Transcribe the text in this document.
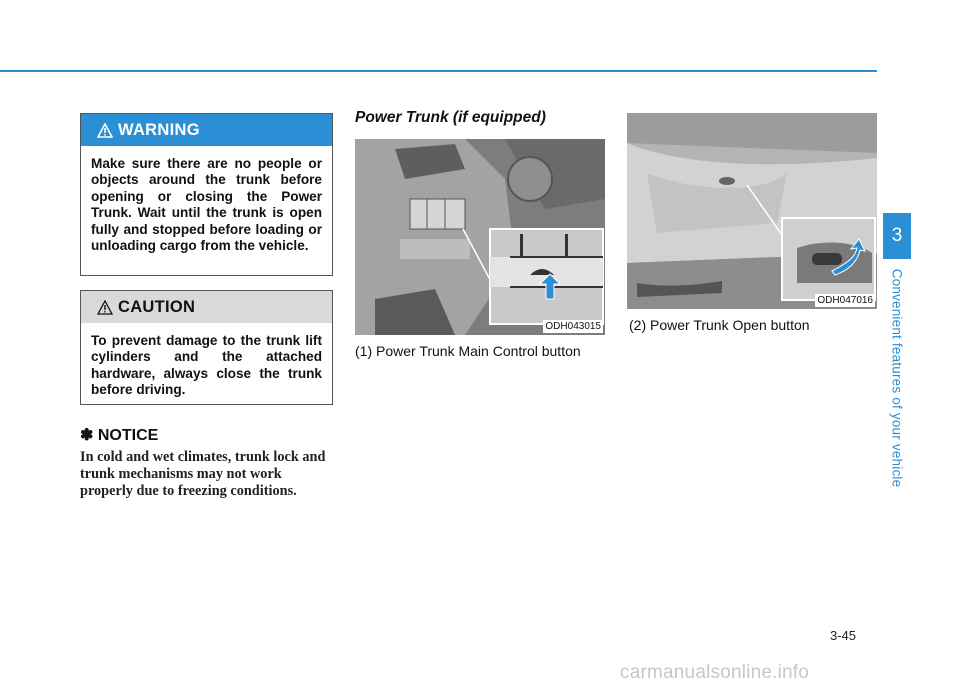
WARNING
Make sure there are no people or objects around the trunk before opening or closing the Power Trunk. Wait until the trunk is open fully and stopped before loading or unloading cargo from the vehicle.
CAUTION
To prevent damage to the trunk lift cylinders and the attached hardware, always close the trunk before driving.
✽ NOTICE
In cold and wet climates, trunk lock and trunk mechanisms may not work properly due to freezing conditions.
Power Trunk (if equipped)
ODH043015
(1) Power Trunk Main Control button
ODH047016
(2) Power Trunk Open button
3
Convenient features of your vehicle
3-45
carmanualsonline.info
